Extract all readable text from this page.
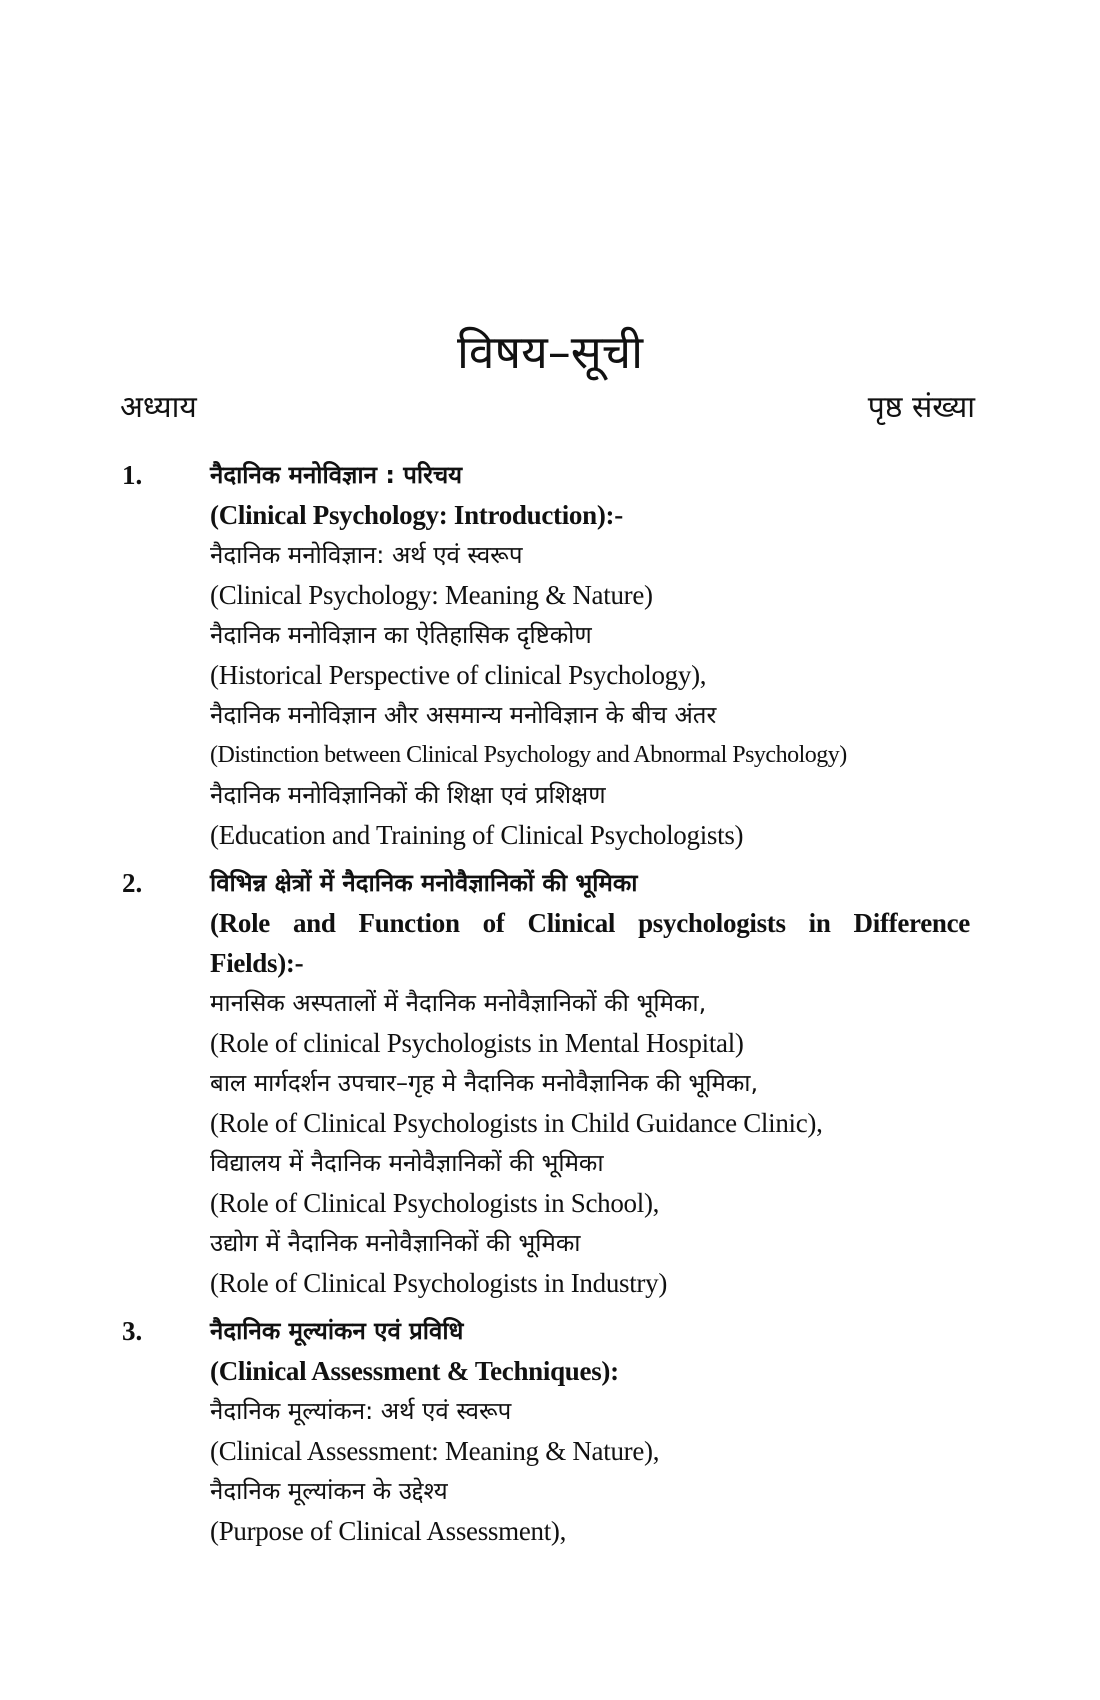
विषय–सूची
अध्याय	पृष्ठ संख्या
1.	नैदानिक मनोविज्ञान : परिचय
(Clinical Psychology: Introduction):-
नैदानिक मनोविज्ञान: अर्थ एवं स्वरूप
(Clinical Psychology: Meaning & Nature)
नैदानिक मनोविज्ञान का ऐतिहासिक दृष्टिकोण
(Historical Perspective of clinical Psychology),
नैदानिक मनोविज्ञान और असमान्य मनोविज्ञान के बीच अंतर
(Distinction between Clinical Psychology and Abnormal Psychology)
नैदानिक मनोविज्ञानिकों की शिक्षा एवं प्रशिक्षण
(Education and Training of Clinical Psychologists)
2.	विभिन्न क्षेत्रों में नैदानिक मनोवैज्ञानिकों की भूमिका
(Role and Function of Clinical psychologists in Difference Fields):-
मानसिक अस्पतालों में नैदानिक मनोवैज्ञानिकों की भूमिका,
(Role of clinical Psychologists in Mental Hospital)
बाल मार्गदर्शन उपचार–गृह मे नैदानिक मनोवैज्ञानिक की भूमिका,
(Role of Clinical Psychologists in Child Guidance Clinic),
विद्यालय में नैदानिक मनोवैज्ञानिकों की भूमिका
(Role of Clinical Psychologists in School),
उद्योग में नैदानिक मनोवैज्ञानिकों की भूमिका
(Role of Clinical Psychologists in Industry)
3.	नैदानिक मूल्यांकन एवं प्रविधि
(Clinical Assessment & Techniques):
नैदानिक मूल्यांकन: अर्थ एवं स्वरूप
(Clinical Assessment: Meaning & Nature),
नैदानिक मूल्यांकन के उद्देश्य
(Purpose of Clinical Assessment),
